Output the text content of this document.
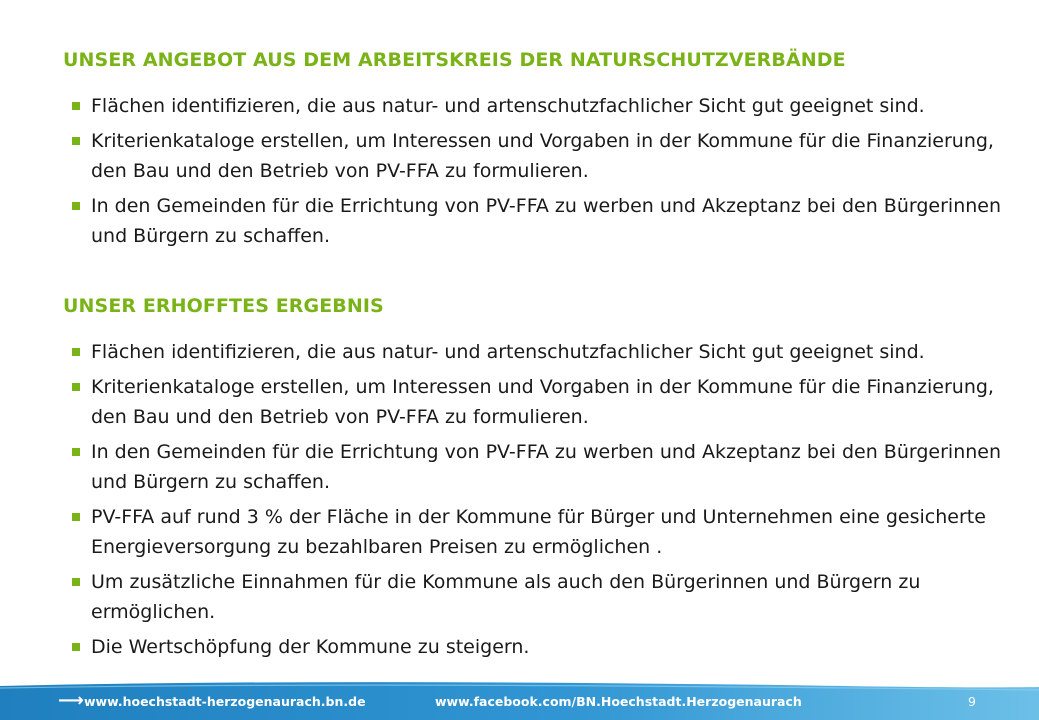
UNSER ANGEBOT AUS DEM ARBEITSKREIS DER NATURSCHUTZVERBÄNDE
Flächen identifizieren, die aus natur- und artenschutzfachlicher Sicht gut geeignet sind.
Kriterienkataloge erstellen, um Interessen und Vorgaben in der Kommune für die Finanzierung, den Bau und den Betrieb von PV-FFA zu formulieren.
In den Gemeinden für die Errichtung von PV-FFA zu werben und Akzeptanz bei den Bürgerinnen und Bürgern zu schaffen.
UNSER ERHOFFTES ERGEBNIS
Flächen identifizieren, die aus natur- und artenschutzfachlicher Sicht gut geeignet sind.
Kriterienkataloge erstellen, um Interessen und Vorgaben in der Kommune für die Finanzierung, den Bau und den Betrieb von PV-FFA zu formulieren.
In den Gemeinden für die Errichtung von PV-FFA zu werben und Akzeptanz bei den Bürgerinnen und Bürgern zu schaffen.
PV-FFA auf rund 3 % der Fläche in der Kommune für Bürger und Unternehmen eine gesicherte Energieversorgung zu bezahlbaren Preisen zu ermöglichen .
Um zusätzliche Einnahmen für die Kommune als auch den Bürgerinnen und Bürgern zu ermöglichen.
Die Wertschöpfung der Kommune zu steigern.
⟶ www.hoechstadt-herzogenaurach.bn.de	www.facebook.com/BN.Hoechstadt.Herzogenaurach	9
